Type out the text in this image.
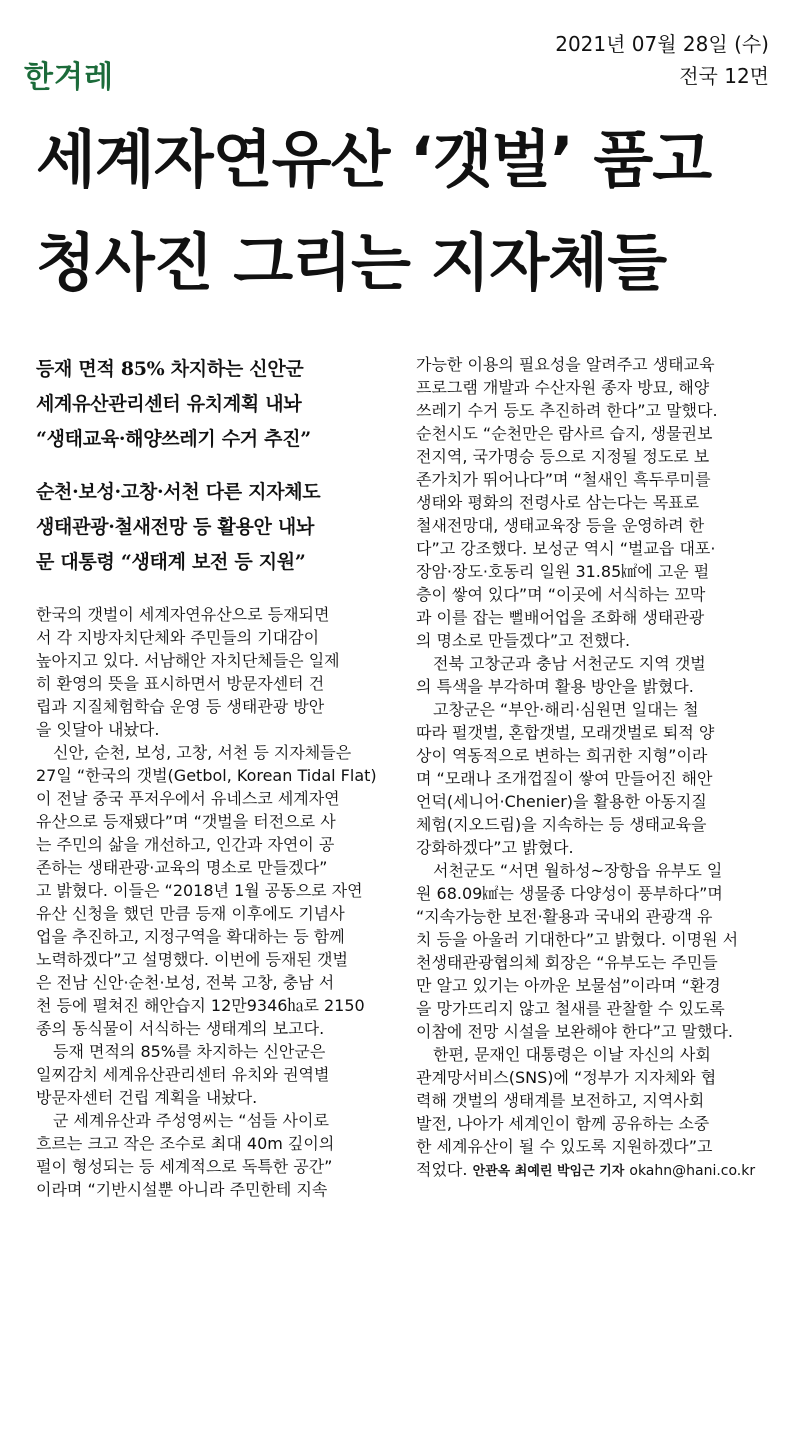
한겨레
2021년 07월 28일 (수)
전국 12면
세계자연유산 ‘갯벌’ 품고
청사진 그리는 지자체들
등재 면적 85% 차지하는 신안군
세계유산관리센터 유치계획 내놔
“생태교육·해양쓰레기 수거 추진”
순천·보성·고창·서천 다른 지자체도
생태관광·철새전망 등 활용안 내놔
문 대통령 “생태계 보전 등 지원”
한국의 갯벌이 세계자연유산으로 등재되면
서 각 지방자치단체와 주민들의 기대감이
높아지고 있다. 서남해안 자치단체들은 일제
히 환영의 뜻을 표시하면서 방문자센터 건
립과 지질체험학습 운영 등 생태관광 방안
을 잇달아 내놨다.
신안, 순천, 보성, 고창, 서천 등 지자체들은
27일 “한국의 갯벌(Getbol, Korean Tidal Flat)
이 전날 중국 푸저우에서 유네스코 세계자연
유산으로 등재됐다”며 “갯벌을 터전으로 사
는 주민의 삶을 개선하고, 인간과 자연이 공
존하는 생태관광·교육의 명소로 만들겠다”
고 밝혔다. 이들은 “2018년 1월 공동으로 자연
유산 신청을 했던 만큼 등재 이후에도 기념사
업을 추진하고, 지정구역을 확대하는 등 함께
노력하겠다”고 설명했다. 이번에 등재된 갯벌
은 전남 신안·순천·보성, 전북 고창, 충남 서
천 등에 펼쳐진 해안습지 12만9346㏊로 2150
종의 동식물이 서식하는 생태계의 보고다.
등재 면적의 85%를 차지하는 신안군은
일찌감치 세계유산관리센터 유치와 권역별
방문자센터 건립 계획을 내놨다.
군 세계유산과 주성영씨는 “섬들 사이로
흐르는 크고 작은 조수로 최대 40m 깊이의
펄이 형성되는 등 세계적으로 독특한 공간”
이라며 “기반시설뿐 아니라 주민한테 지속
가능한 이용의 필요성을 알려주고 생태교육
프로그램 개발과 수산자원 종자 방묘, 해양
쓰레기 수거 등도 추진하려 한다”고 말했다.
순천시도 “순천만은 람사르 습지, 생물권보
전지역, 국가명승 등으로 지정될 정도로 보
존가치가 뛰어나다”며 “철새인 흑두루미를
생태와 평화의 전령사로 삼는다는 목표로
철새전망대, 생태교육장 등을 운영하려 한
다”고 강조했다. 보성군 역시 “벌교읍 대포·
장암·장도·호동리 일원 31.85㎢에 고운 펄
층이 쌓여 있다”며 “이곳에 서식하는 꼬막
과 이를 잡는 뻘배어업을 조화해 생태관광
의 명소로 만들겠다”고 전했다.
전북 고창군과 충남 서천군도 지역 갯벌
의 특색을 부각하며 활용 방안을 밝혔다.
고창군은 “부안·해리·심원면 일대는 철
따라 펄갯벌, 혼합갯벌, 모래갯벌로 퇴적 양
상이 역동적으로 변하는 희귀한 지형”이라
며 “모래나 조개껍질이 쌓여 만들어진 해안
언덕(세니어·Chenier)을 활용한 아동지질
체험(지오드림)을 지속하는 등 생태교육을
강화하겠다”고 밝혔다.
서천군도 “서면 월하성~장항읍 유부도 일
원 68.09㎢는 생물종 다양성이 풍부하다”며
“지속가능한 보전·활용과 국내외 관광객 유
치 등을 아울러 기대한다”고 밝혔다. 이명원 서
천생태관광협의체 회장은 “유부도는 주민들
만 알고 있기는 아까운 보물섬”이라며 “환경
을 망가뜨리지 않고 철새를 관찰할 수 있도록
이참에 전망 시설을 보완해야 한다”고 말했다.
한편, 문재인 대통령은 이날 자신의 사회
관계망서비스(SNS)에 “정부가 지자체와 협
력해 갯벌의 생태계를 보전하고, 지역사회
발전, 나아가 세계인이 함께 공유하는 소중
한 세계유산이 될 수 있도록 지원하겠다”고
적었다. 안관옥 최예린 박임근 기자 okahn@hani.co.kr
